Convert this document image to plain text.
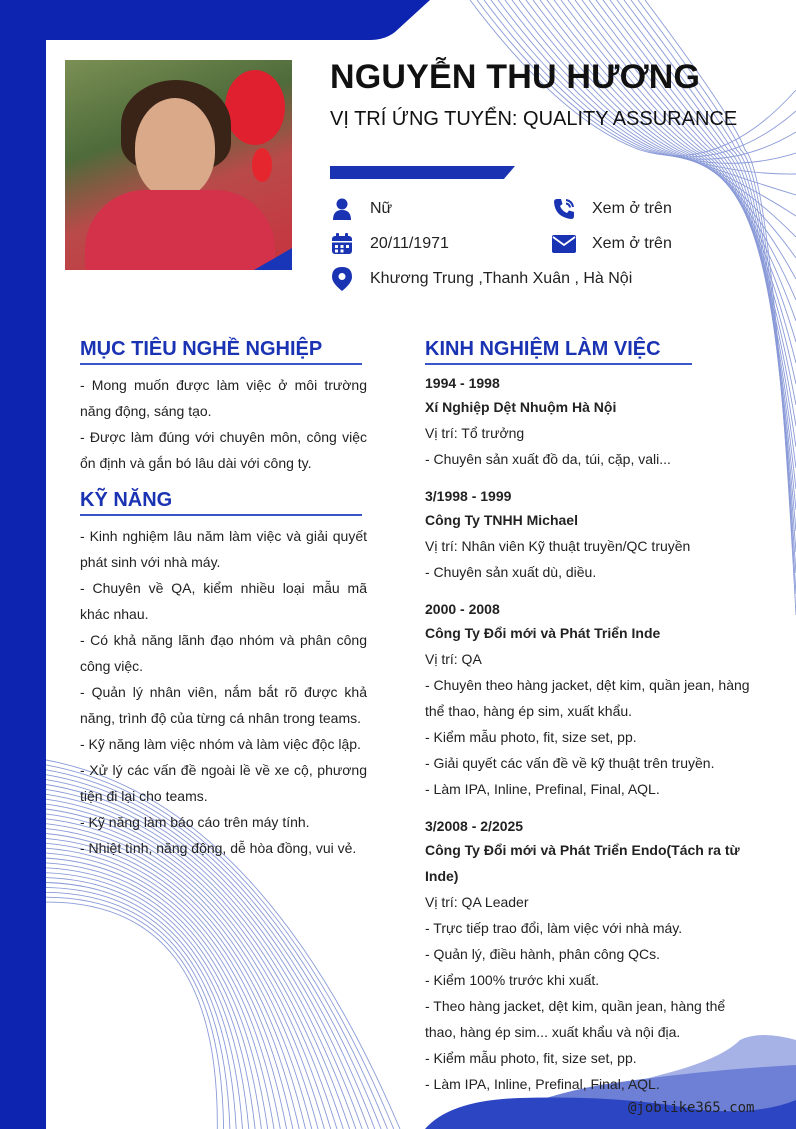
NGUYỄN THU HƯƠNG
VỊ TRÍ ỨNG TUYỂN: QUALITY ASSURANCE
Nữ	Xem ở trên
20/11/1971	Xem ở trên
Khương Trung ,Thanh Xuân , Hà Nội
MỤC TIÊU NGHỀ NGHIỆP

- Mong muốn được làm việc ở môi trường năng động, sáng tạo.

- Được làm đúng với chuyên môn, công việc ổn định và gắn bó lâu dài với công ty.

KỸ NĂNG

- Kinh nghiệm lâu năm làm việc và giải quyết phát sinh với nhà máy.

- Chuyên về QA, kiểm nhiều loại mẫu mã khác nhau.

- Có khả năng lãnh đạo nhóm và phân công công việc.

- Quản lý nhân viên, nắm bắt rõ được khả năng, trình độ của từng cá nhân trong teams.

- Kỹ năng làm việc nhóm và làm việc độc lập.

- Xử lý các vấn đề ngoài lề về xe cộ, phương tiện đi lại cho teams.

- Kỹ năng làm báo cáo trên máy tính.

- Nhiệt tình, năng động, dễ hòa đồng, vui vẻ.

KINH NGHIỆM LÀM VIỆC

1994 - 1998

Xí Nghiệp Dệt Nhuộm Hà Nội

Vị trí: Tổ trưởng

- Chuyên sản xuất đồ da, túi, cặp, vali...

3/1998 - 1999

Công Ty TNHH Michael

Vị trí: Nhân viên Kỹ thuật truyền/QC truyền

- Chuyên sản xuất dù, diều.

2000 - 2008

Công Ty Đổi mới và Phát Triển Inde

Vị trí: QA

- Chuyên theo hàng jacket, dệt kim, quần jean, hàng thể thao, hàng ép sim, xuất khẩu.

- Kiểm mẫu photo, fit, size set, pp.

- Giải quyết các vấn đề về kỹ thuật trên truyền.

- Làm IPA, Inline, Prefinal, Final, AQL.

3/2008 - 2/2025

Công Ty Đổi mới và Phát Triển Endo(Tách ra từ Inde)

Vị trí: QA Leader

- Trực tiếp trao đổi, làm việc với nhà máy.

- Quản lý, điều hành, phân công QCs.

- Kiểm 100% trước khi xuất.

- Theo hàng jacket, dệt kim, quần jean, hàng thể thao, hàng ép sim... xuất khẩu và nội địa.

- Kiểm mẫu photo, fit, size set, pp.

- Làm IPA, Inline, Prefinal, Final, AQL.

@joblike365.com
